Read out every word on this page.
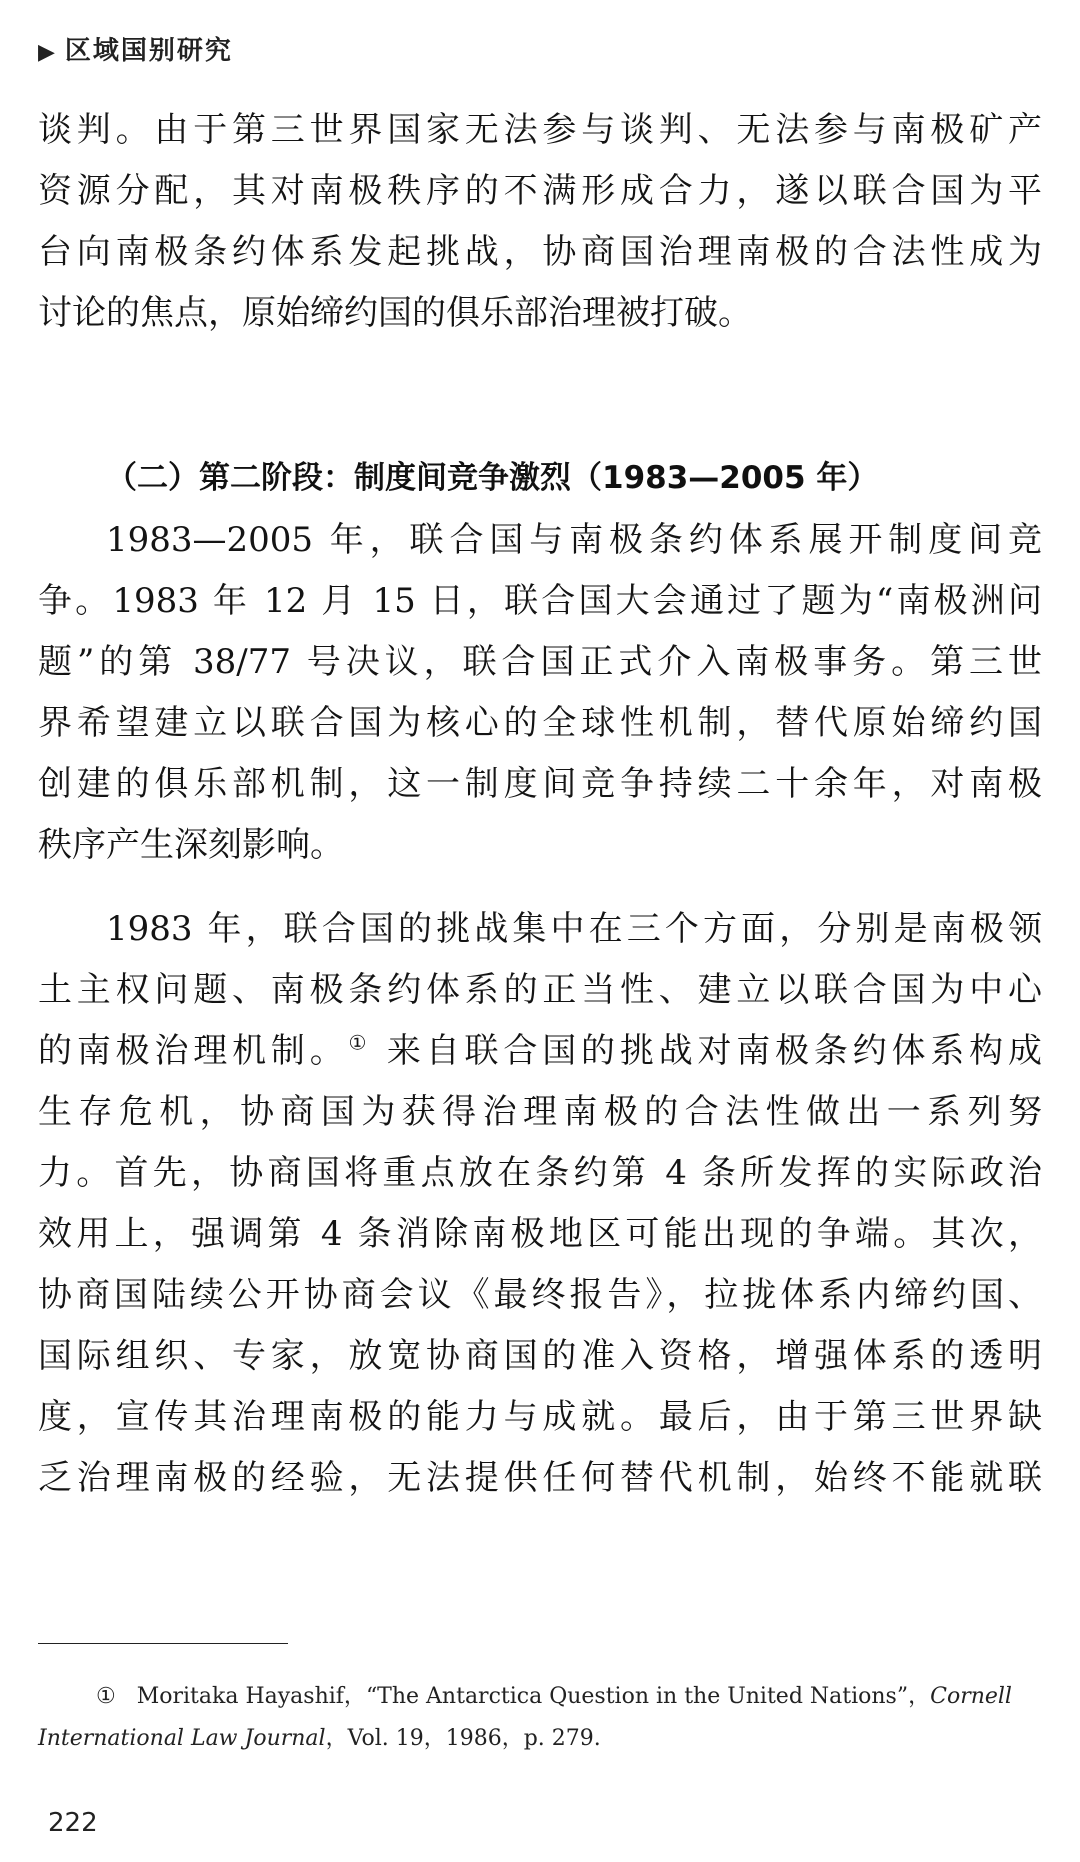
▶ 区域国别研究
谈判。由于第三世界国家无法参与谈判、无法参与南极矿产
资源分配，其对南极秩序的不满形成合力，遂以联合国为平
台向南极条约体系发起挑战，协商国治理南极的合法性成为
讨论的焦点，原始缔约国的俱乐部治理被打破。
（二）第二阶段：制度间竞争激烈（1983—2005 年）
1983—2005 年，联合国与南极条约体系展开制度间竞
争。1983 年 12 月 15 日，联合国大会通过了题为“南极洲问
题”的第 38/77 号决议，联合国正式介入南极事务。第三世
界希望建立以联合国为核心的全球性机制，替代原始缔约国
创建的俱乐部机制，这一制度间竞争持续二十余年，对南极
秩序产生深刻影响。
1983 年，联合国的挑战集中在三个方面，分别是南极领
土主权问题、南极条约体系的正当性、建立以联合国为中心
的南极治理机制。① 来自联合国的挑战对南极条约体系构成
生存危机，协商国为获得治理南极的合法性做出一系列努
力。首先，协商国将重点放在条约第 4 条所发挥的实际政治
效用上，强调第 4 条消除南极地区可能出现的争端。其次，
协商国陆续公开协商会议《最终报告》，拉拢体系内缔约国、
国际组织、专家，放宽协商国的准入资格，增强体系的透明
度，宣传其治理南极的能力与成就。最后，由于第三世界缺
乏治理南极的经验，无法提供任何替代机制，始终不能就联
① Moritaka Hayashif，“The Antarctica Question in the United Nations”，Cornell
International Law Journal，Vol. 19，1986，p. 279.
222
